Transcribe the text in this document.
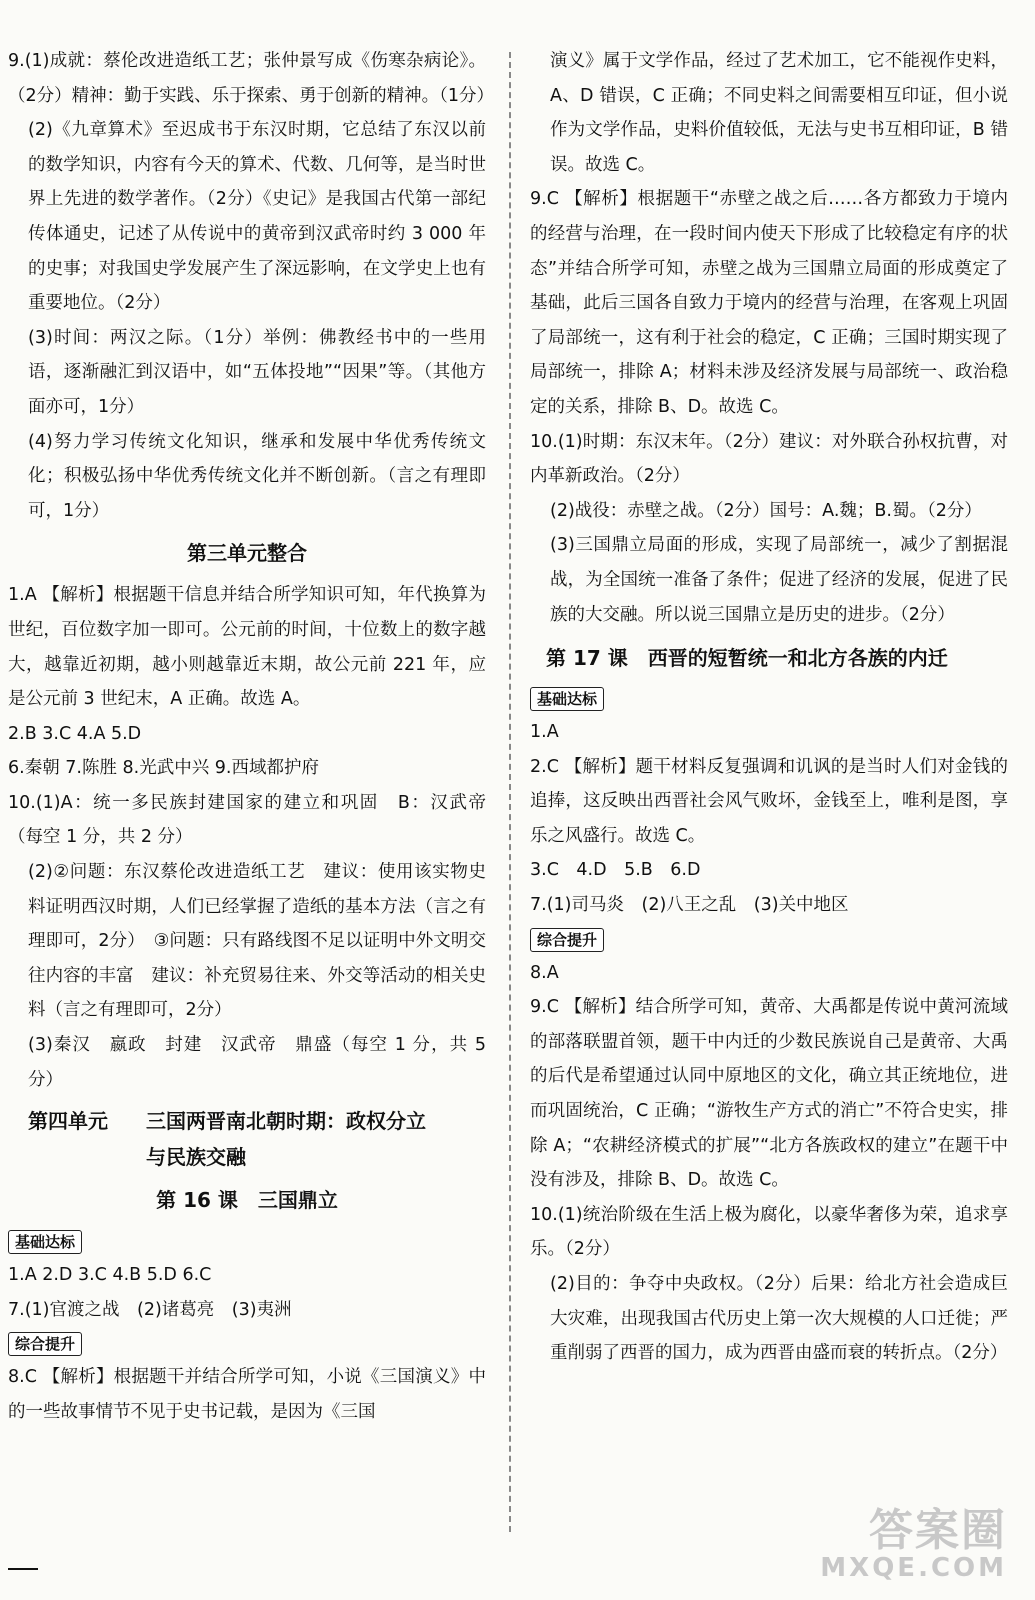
9.(1)成就：蔡伦改进造纸工艺；张仲景写成《伤寒杂病论》。（2分）精神：勤于实践、乐于探索、勇于创新的精神。（1分）

(2)《九章算术》至迟成书于东汉时期，它总结了东汉以前的数学知识，内容有今天的算术、代数、几何等，是当时世界上先进的数学著作。（2分）《史记》是我国古代第一部纪传体通史，记述了从传说中的黄帝到汉武帝时约 3 000 年的史事；对我国史学发展产生了深远影响，在文学史上也有重要地位。（2分）

(3)时间：两汉之际。（1分）举例：佛教经书中的一些用语，逐渐融汇到汉语中，如“五体投地”“因果”等。（其他方面亦可，1分）

(4)努力学习传统文化知识，继承和发展中华优秀传统文化；积极弘扬中华优秀传统文化并不断创新。（言之有理即可，1分）

第三单元整合

1.A 【解析】根据题干信息并结合所学知识可知，年代换算为世纪，百位数字加一即可。公元前的时间，十位数上的数字越大，越靠近初期，越小则越靠近末期，故公元前 221 年，应是公元前 3 世纪末，A 正确。故选 A。

2.B 3.C 4.A 5.D

6.秦朝 7.陈胜 8.光武中兴 9.西域都护府

10.(1)A：统一多民族封建国家的建立和巩固　B：汉武帝（每空 1 分，共 2 分）

(2)②问题：东汉蔡伦改进造纸工艺　建议：使用该实物史料证明西汉时期，人们已经掌握了造纸的基本方法（言之有理即可，2分）　③问题：只有路线图不足以证明中外文明交往内容的丰富　建议：补充贸易往来、外交等活动的相关史料（言之有理即可，2分）

(3)秦汉　嬴政　封建　汉武帝　鼎盛（每空 1 分，共 5 分）

第四单元 三国两晋南北朝时期：政权分立
与民族交融
第 16 课　三国鼎立
基础达标

1.A 2.D 3.C 4.B 5.D 6.C

7.(1)官渡之战　(2)诸葛亮　(3)夷洲

综合提升

8.C 【解析】根据题干并结合所学可知，小说《三国演义》中的一些故事情节不见于史书记载，是因为《三国

演义》属于文学作品，经过了艺术加工，它不能视作史料，A、D 错误，C 正确；不同史料之间需要相互印证，但小说作为文学作品，史料价值较低，无法与史书互相印证，B 错误。故选 C。

9.C 【解析】根据题干“赤壁之战之后……各方都致力于境内的经营与治理，在一段时间内使天下形成了比较稳定有序的状态”并结合所学可知，赤壁之战为三国鼎立局面的形成奠定了基础，此后三国各自致力于境内的经营与治理，在客观上巩固了局部统一，这有利于社会的稳定，C 正确；三国时期实现了局部统一，排除 A；材料未涉及经济发展与局部统一、政治稳定的关系，排除 B、D。故选 C。

10.(1)时期：东汉末年。（2分）建议：对外联合孙权抗曹，对内革新政治。（2分）

(2)战役：赤壁之战。（2分）国号：A.魏；B.蜀。（2分）

(3)三国鼎立局面的形成，实现了局部统一，减少了割据混战，为全国统一准备了条件；促进了经济的发展，促进了民族的大交融。所以说三国鼎立是历史的进步。（2分）

第 17 课　西晋的短暂统一和北方各族的内迁
基础达标

1.A

2.C 【解析】题干材料反复强调和讥讽的是当时人们对金钱的追捧，这反映出西晋社会风气败坏，金钱至上，唯利是图，享乐之风盛行。故选 C。

3.C　4.D　5.B　6.D

7.(1)司马炎　(2)八王之乱　(3)关中地区

综合提升

8.A

9.C 【解析】结合所学可知，黄帝、大禹都是传说中黄河流域的部落联盟首领，题干中内迁的少数民族说自己是黄帝、大禹的后代是希望通过认同中原地区的文化，确立其正统地位，进而巩固统治，C 正确；“游牧生产方式的消亡”不符合史实，排除 A；“农耕经济模式的扩展”“北方各族政权的建立”在题干中没有涉及，排除 B、D。故选 C。

10.(1)统治阶级在生活上极为腐化，以豪华奢侈为荣，追求享乐。（2分）

(2)目的：争夺中央政权。（2分）后果：给北方社会造成巨大灾难，出现我国古代历史上第一次大规模的人口迁徙；严重削弱了西晋的国力，成为西晋由盛而衰的转折点。（2分）

答案圈
MXQE.COM
